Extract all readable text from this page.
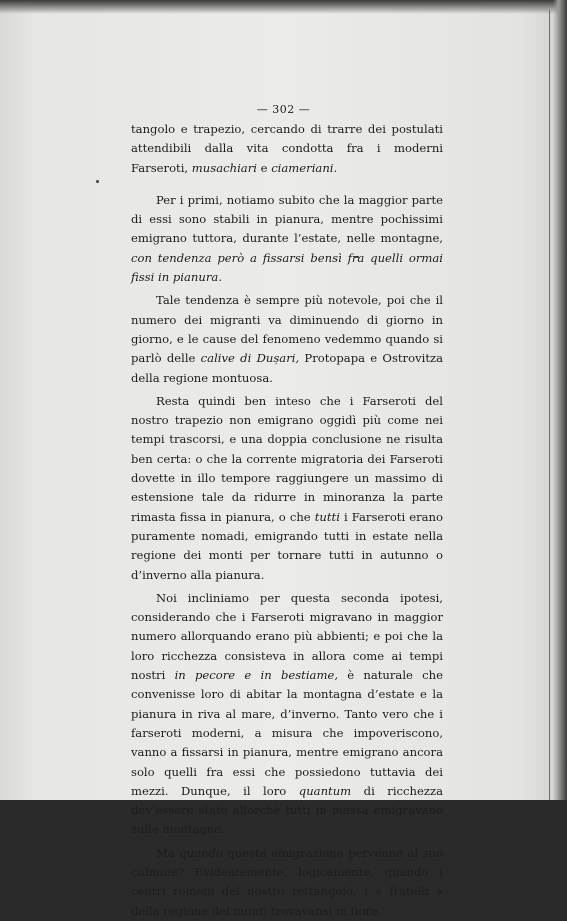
— 302 —

tangolo e trapezio, cercando di trarre dei postulati attendibili dalla vita condotta fra i moderni Farseroti, musachiari e ciameriani.

Per i primi, notiamo subito che la maggior parte di essi sono stabili in pianura, mentre pochissimi emigrano tuttora, durante l’estate, nelle montagne, con tendenza però a fissarsi bensì fra quelli ormai fissi in pianura.

Tale tendenza è sempre più notevole, poi che il numero dei migranti va diminuendo di giorno in giorno, e le cause del fenomeno vedemmo quando si parlò delle calive di Dușari, Protopapa e Ostrovitza della regione montuosa.

Resta quindi ben inteso che i Farseroti del nostro trapezio non emigrano oggidì più come nei tempi trascorsi, e una doppia conclusione ne risulta ben certa: o che la corrente migratoria dei Farseroti dovette in illo tempore raggiungere un massimo di estensione tale da ridurre in minoranza la parte rimasta fissa in pianura, o che tutti i Farseroti erano puramente nomadi, emigrando tutti in estate nella regione dei monti per tornare tutti in autunno o d’inverno alla pianura.

Noi incliniamo per questa seconda ipotesi, considerando che i Farseroti migravano in maggior numero allorquando erano più abbienti; e poi che la loro ricchezza consisteva in allora come ai tempi nostri in pecore e in bestiame, è naturale che convenisse loro di abitar la montagna d’estate e la pianura in riva al mare, d’inverno. Tanto vero che i farseroti moderni, a misura che impoveriscono, vanno a fissarsi in pianura, mentre emigrano ancora solo quelli fra essi che possiedono tuttavia dei mezzi. Dunque, il loro quantum di ricchezza dev’essere stato allorchè tutti in massa emigravano sulle montagne.

Ma quando questa emigrazione pervenne al suo culmine? Evidentemente, logicamente, quando i centri romeni del nostro rettangolo, i « fratelli » della regione dei monti trovavansi in fiore.
